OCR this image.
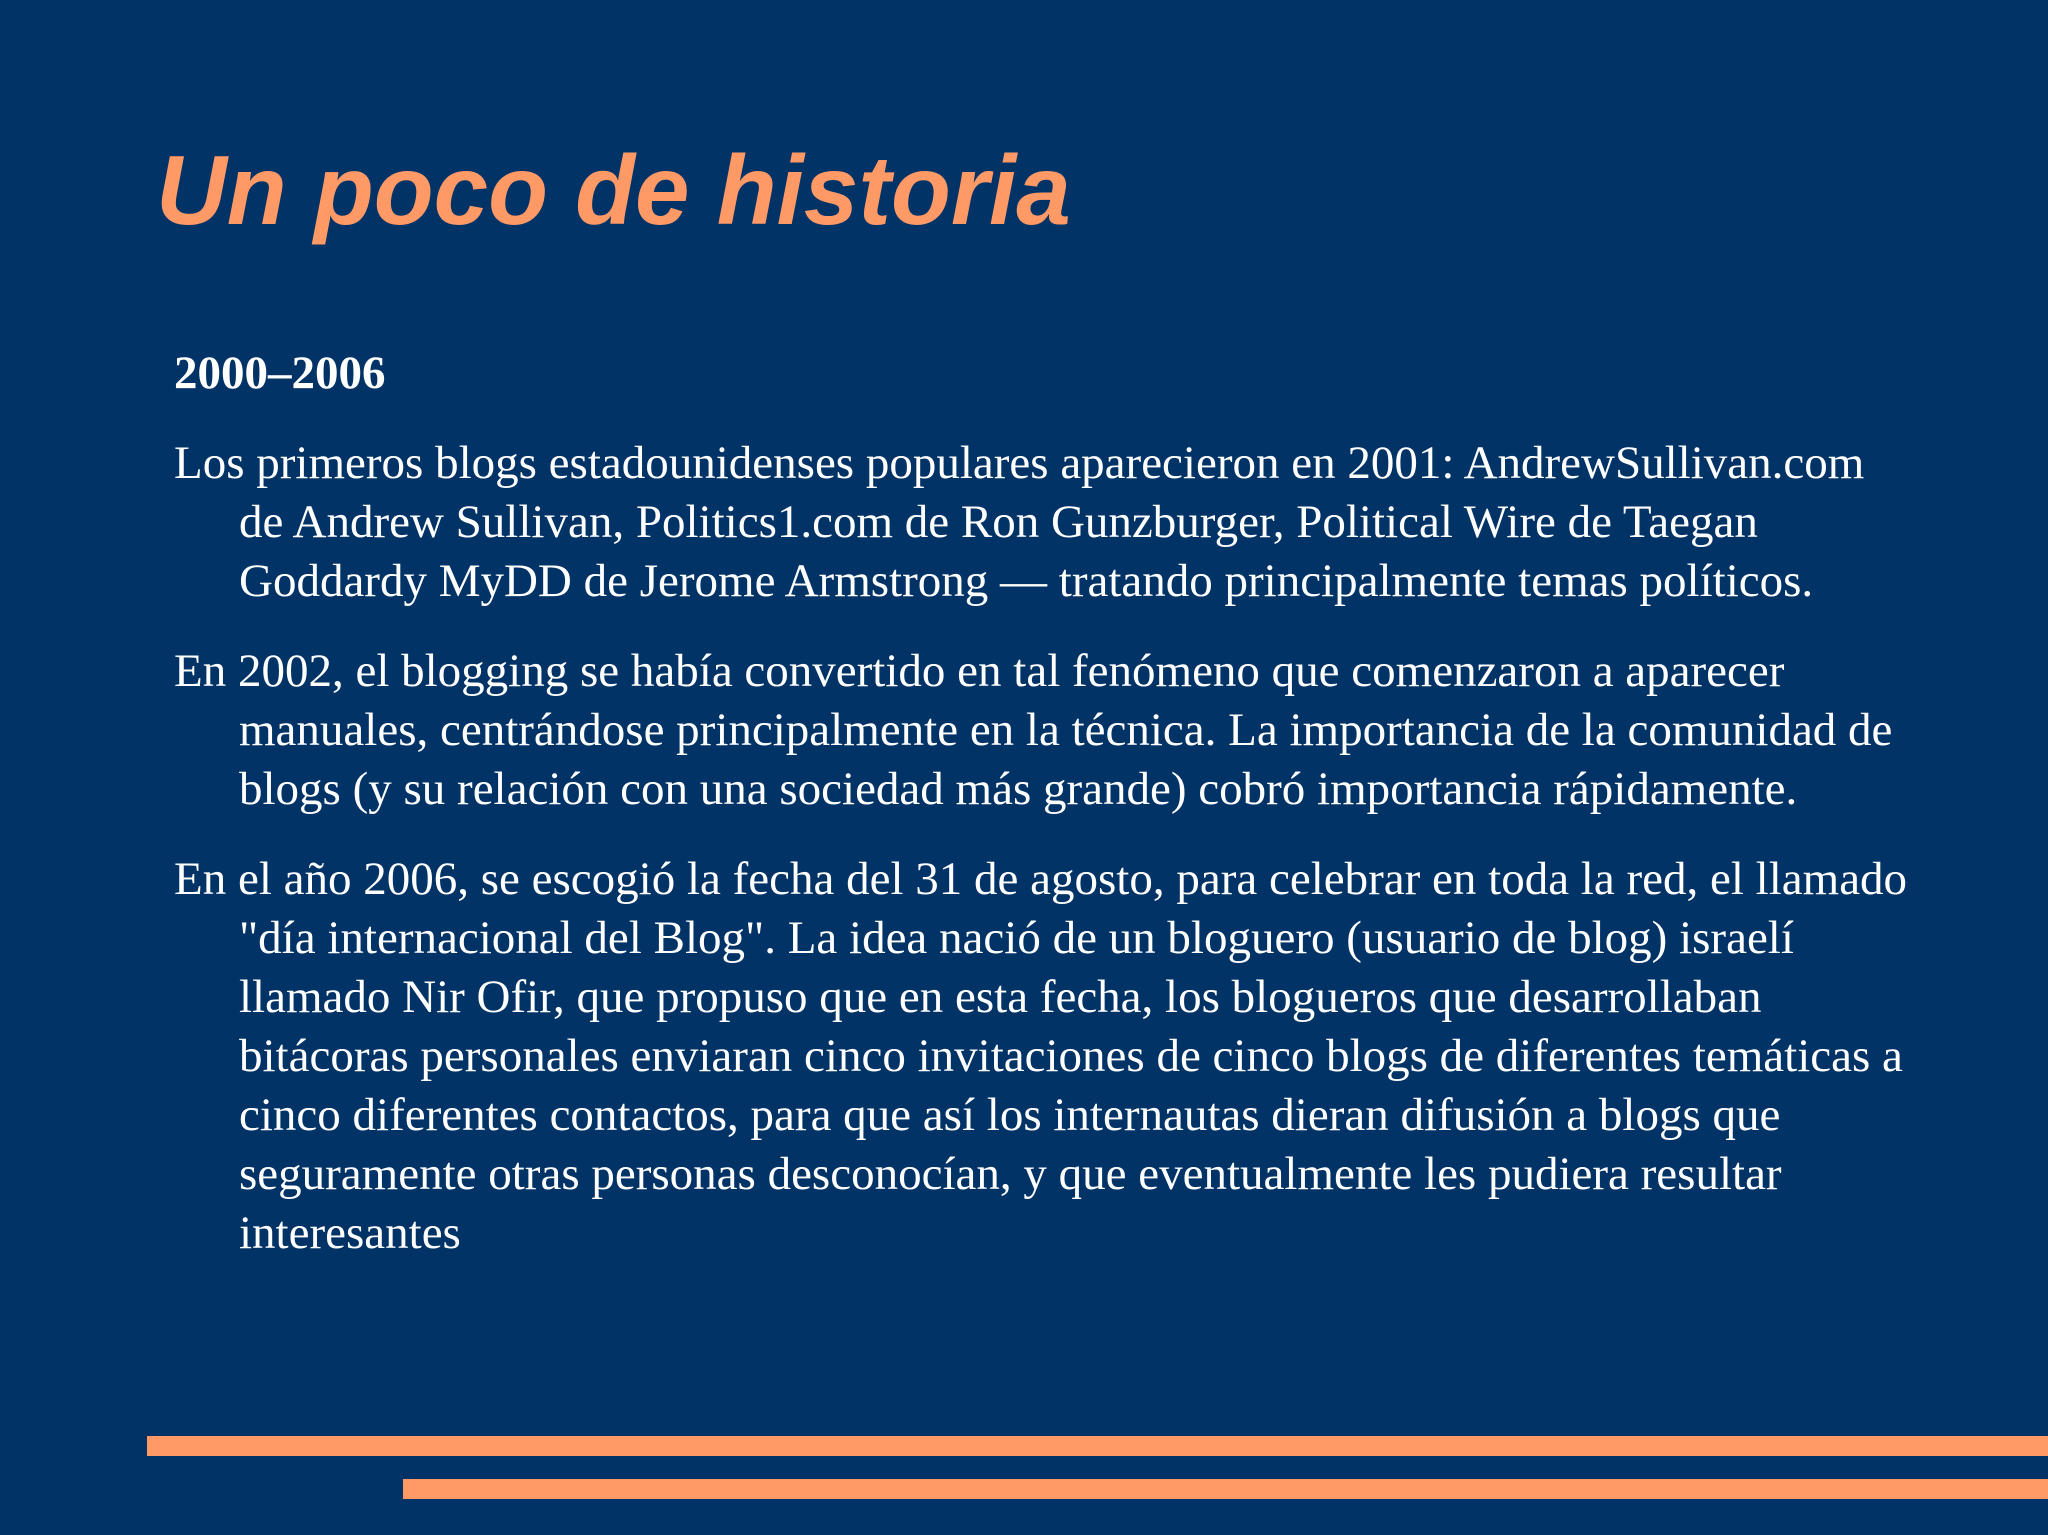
Un poco de historia

2000–2006

Los primeros blogs estadounidenses populares aparecieron en 2001: AndrewSullivan.com de Andrew Sullivan, Politics1.com de Ron Gunzburger, Political Wire de Taegan Goddardy MyDD de Jerome Armstrong — tratando principalmente temas políticos.

En 2002, el blogging se había convertido en tal fenómeno que comenzaron a aparecer manuales, centrándose principalmente en la técnica. La importancia de la comunidad de blogs (y su relación con una sociedad más grande) cobró importancia rápidamente.

En el año 2006, se escogió la fecha del 31 de agosto, para celebrar en toda la red, el llamado "día internacional del Blog". La idea nació de un bloguero (usuario de blog) israelí llamado Nir Ofir, que propuso que en esta fecha, los blogueros que desarrollaban bitácoras personales enviaran cinco invitaciones de cinco blogs de diferentes temáticas a cinco diferentes contactos, para que así los internautas dieran difusión a blogs que seguramente otras personas desconocían, y que eventualmente les pudiera resultar interesantes
